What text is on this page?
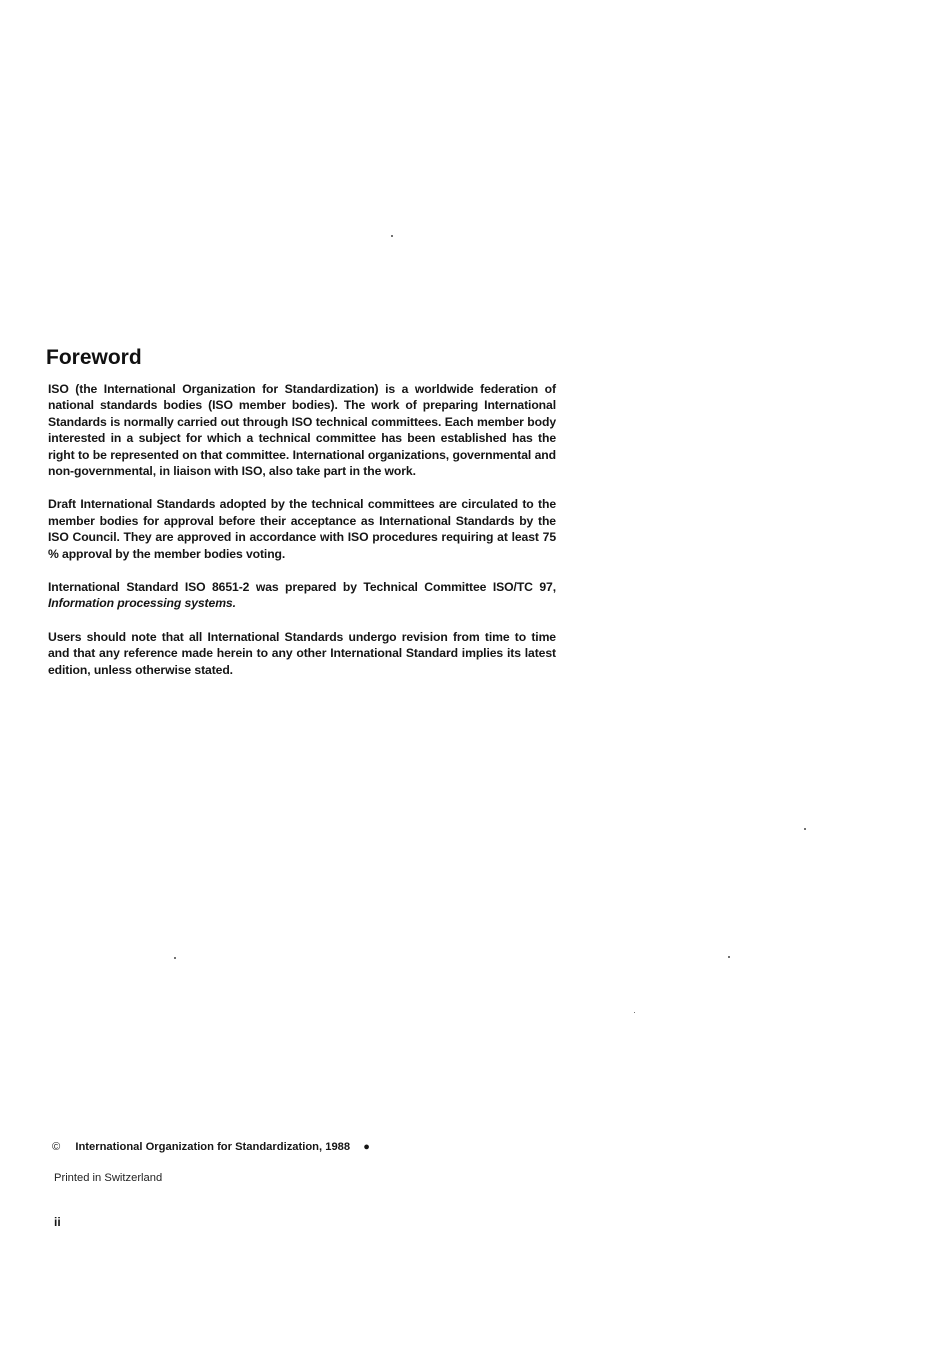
Foreword

ISO (the International Organization for Standardization) is a worldwide federation of national standards bodies (ISO member bodies). The work of preparing International Standards is normally carried out through ISO technical committees. Each member body interested in a subject for which a technical committee has been established has the right to be represented on that committee. International organizations, governmental and non-governmental, in liaison with ISO, also take part in the work.

Draft International Standards adopted by the technical committees are circulated to the member bodies for approval before their acceptance as International Standards by the ISO Council. They are approved in accordance with ISO procedures requiring at least 75 % approval by the member bodies voting.

International Standard ISO 8651-2 was prepared by Technical Committee ISO/TC 97, Information processing systems.

Users should note that all International Standards undergo revision from time to time and that any reference made herein to any other International Standard implies its latest edition, unless otherwise stated.

© International Organization for Standardization, 1988 ●
Printed in Switzerland
ii
